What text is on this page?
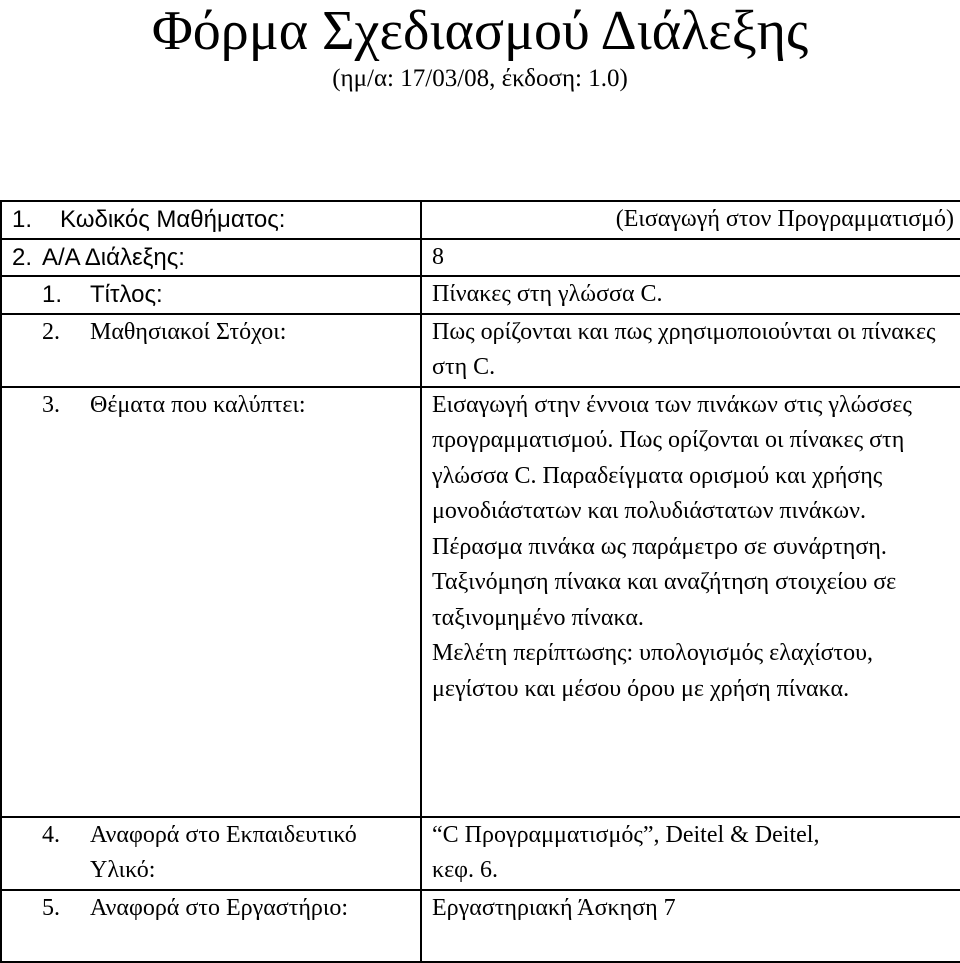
Φόρμα Σχεδιασμού Διάλεξης
(ημ/α: 17/03/08, έκδοση: 1.0)
1. Κωδικός Μαθήματος:	(Εισαγωγή στον Προγραμματισμό)

2. Α/Α Διάλεξης:	8
1. Τίτλος:	Πίνακες στη γλώσσα C.
2. Μαθησιακοί Στόχοι:	Πως ορίζονται και πως χρησιμοποιούνται οι πίνακες στη C.

3. Θέματα που καλύπτει:	Εισαγωγή στην έννοια των πινάκων στις γλώσσες προγραμματισμού. Πως ορίζονται οι πίνακες στη γλώσσα C. Παραδείγματα ορισμού και χρήσης μονοδιάστατων και πολυδιάστατων πινάκων. Πέρασμα πινάκα ως παράμετρο σε συνάρτηση.
Ταξινόμηση πίνακα και αναζήτηση στοιχείου σε ταξινομημένο πίνακα.
Μελέτη περίπτωσης: υπολογισμός ελαχίστου, μεγίστου και μέσου όρου με χρήση πίνακα.

4. Αναφορά στο Εκπαιδευτικό Υλικό:	“C Προγραμματισμός”, Deitel & Deitel,
κεφ. 6.

5. Αναφορά στο Εργαστήριο:	Εργαστηριακή Άσκηση 7
